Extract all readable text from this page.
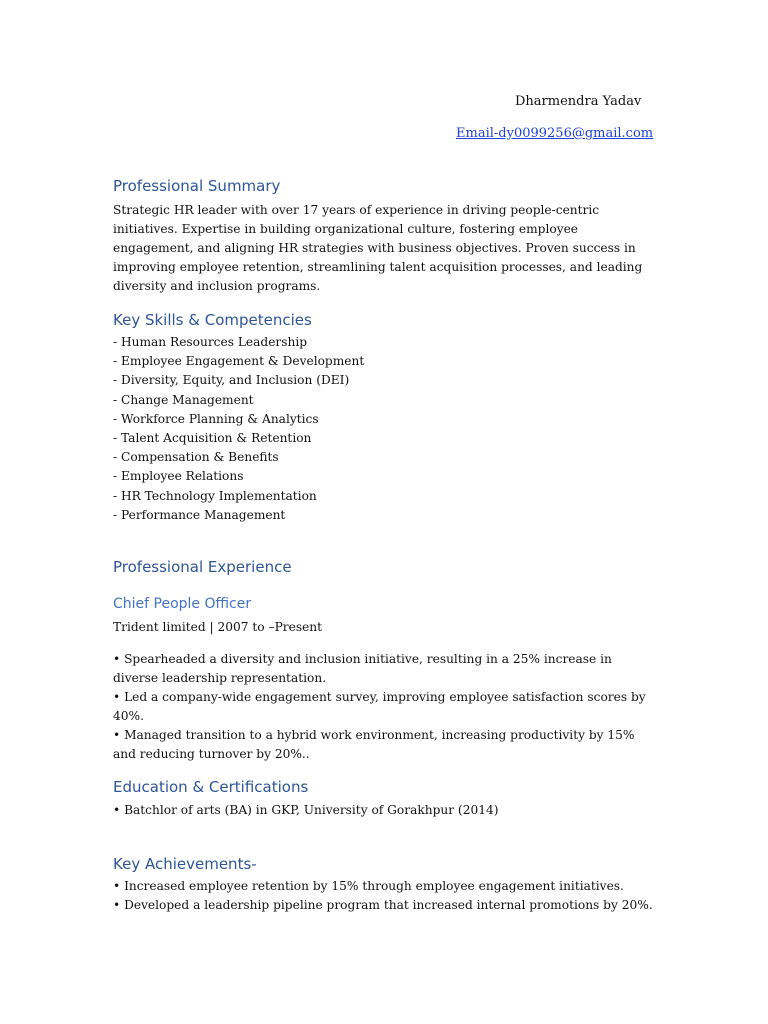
Dharmendra Yadav
Email-dy0099256@gmail.com
Professional Summary
Strategic HR leader with over 17 years of experience in driving people-centric initiatives. Expertise in building organizational culture, fostering employee engagement, and aligning HR strategies with business objectives. Proven success in improving employee retention, streamlining talent acquisition processes, and leading diversity and inclusion programs.
Key Skills & Competencies
- Human Resources Leadership
- Employee Engagement & Development
- Diversity, Equity, and Inclusion (DEI)
- Change Management
- Workforce Planning & Analytics
- Talent Acquisition & Retention
- Compensation & Benefits
- Employee Relations
- HR Technology Implementation
- Performance Management
Professional Experience
Chief People Officer
Trident limited | 2007 to –Present
• Spearheaded a diversity and inclusion initiative, resulting in a 25% increase in diverse leadership representation.
• Led a company-wide engagement survey, improving employee satisfaction scores by 40%.
• Managed transition to a hybrid work environment, increasing productivity by 15% and reducing turnover by 20%..
Education & Certifications
• Batchlor of arts (BA) in GKP, University of Gorakhpur (2014)
Key Achievements-
• Increased employee retention by 15% through employee engagement initiatives.
• Developed a leadership pipeline program that increased internal promotions by 20%.
